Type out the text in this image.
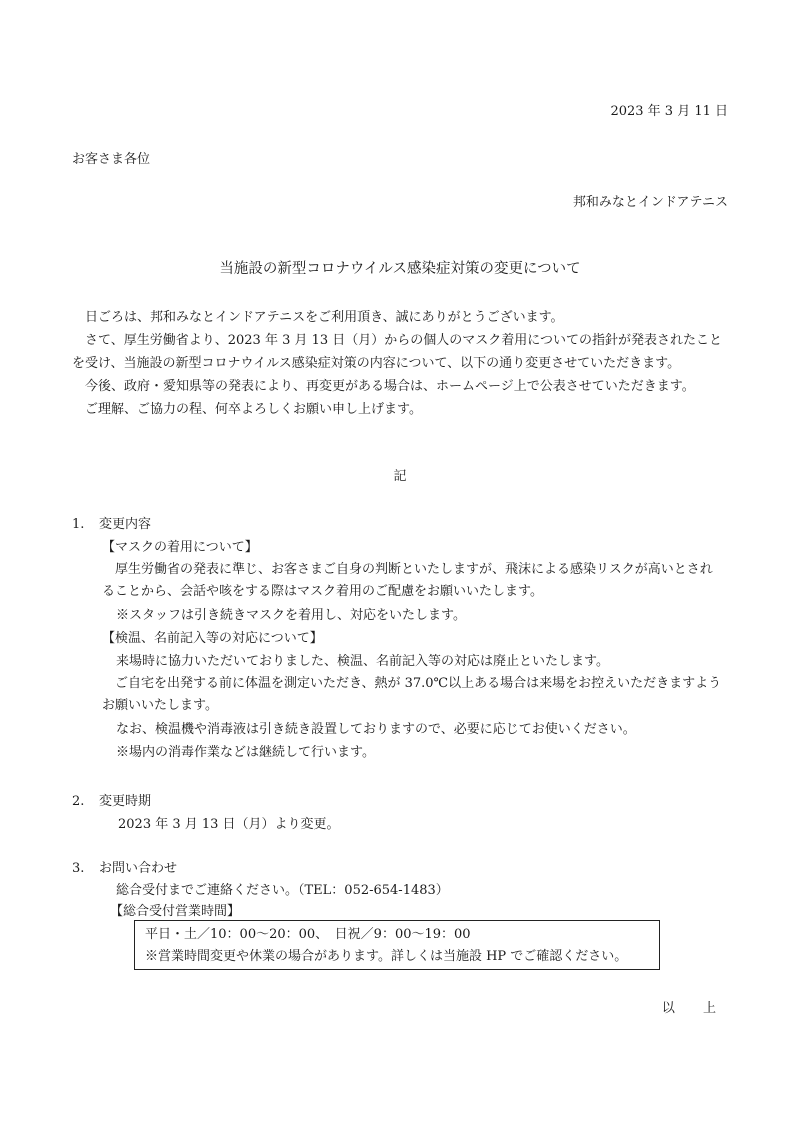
2023 年 3 月 11 日
お客さま各位
邦和みなとインドアテニス
当施設の新型コロナウイルス感染症対策の変更について

日ごろは、邦和みなとインドアテニスをご利用頂き、誠にありがとうございます。

さて、厚生労働省より、2023 年 3 月 13 日（月）からの個人のマスク着用についての指針が発表されたことを受け、当施設の新型コロナウイルス感染症対策の内容について、以下の通り変更させていただきます。

今後、政府・愛知県等の発表により、再変更がある場合は、ホームページ上で公表させていただきます。

ご理解、ご協力の程、何卒よろしくお願い申し上げます。

記
1. 変更内容
【マスクの着用について】
厚生労働省の発表に準じ、お客さまご自身の判断といたしますが、飛沫による感染リスクが高いとされることから、会話や咳をする際はマスク着用のご配慮をお願いいたします。
※スタッフは引き続きマスクを着用し、対応をいたします。
【検温、名前記入等の対応について】
来場時に協力いただいておりました、検温、名前記入等の対応は廃止といたします。
ご自宅を出発する前に体温を測定いただき、熱が 37.0℃以上ある場合は来場をお控えいただきますようお願いいたします。
なお、検温機や消毒液は引き続き設置しておりますので、必要に応じてお使いください。
※場内の消毒作業などは継続して行います。
2. 変更時期
2023 年 3 月 13 日（月）より変更。
3. お問い合わせ
総合受付までご連絡ください。（TEL：052-654-1483）
【総合受付営業時間】
平日・土／10：00～20：00、　日祝／9：00～19：00
※営業時間変更や休業の場合があります。詳しくは当施設 HP でご確認ください。
以 上
